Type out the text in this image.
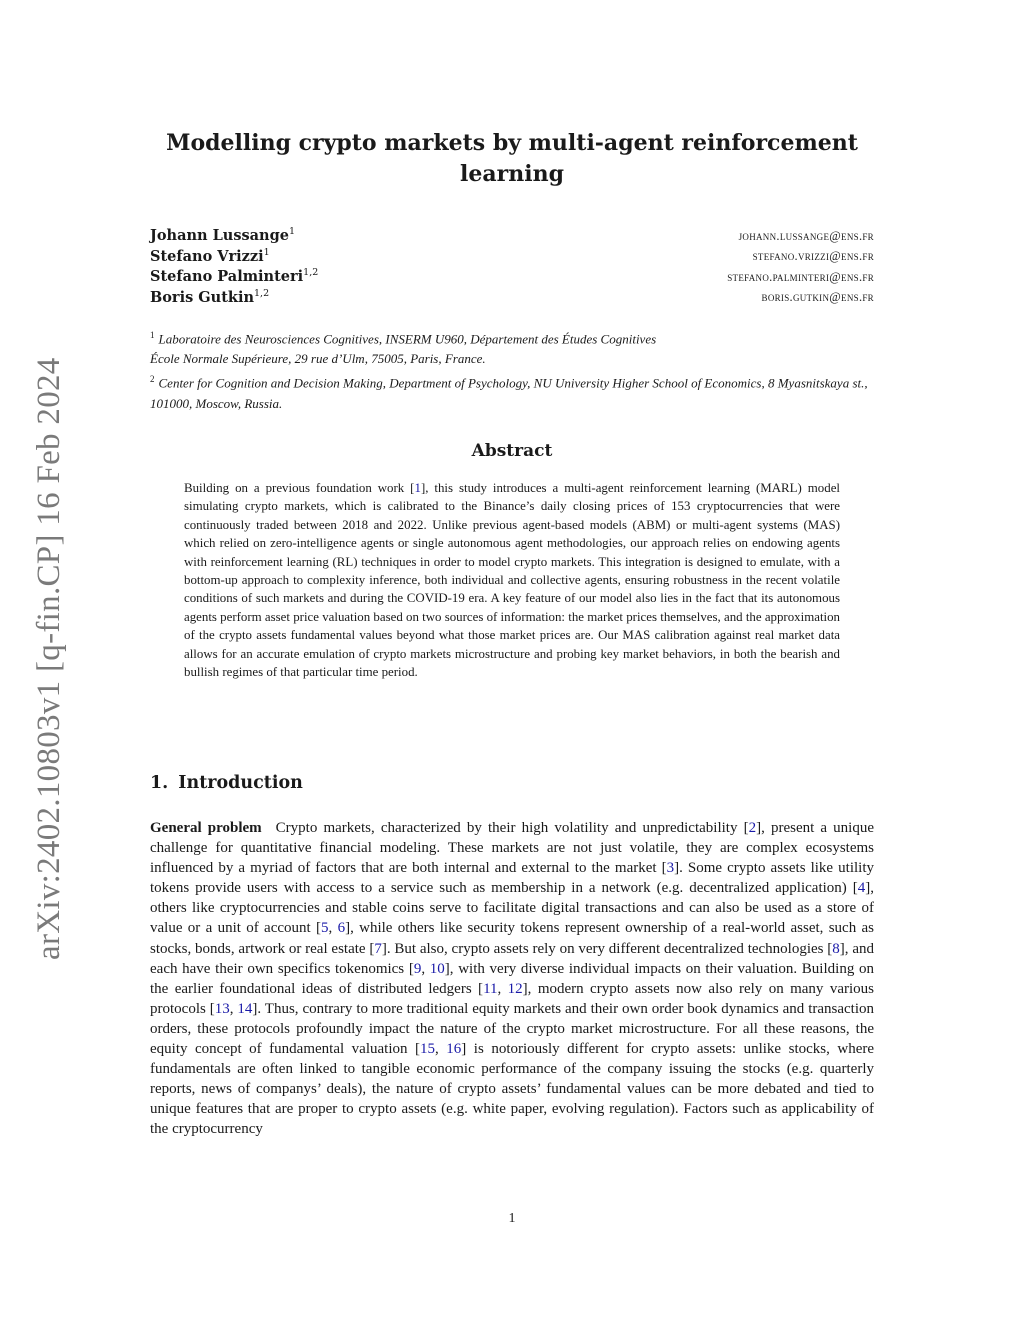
arXiv:2402.10803v1 [q-fin.CP] 16 Feb 2024
Modelling crypto markets by multi-agent reinforcement
learning
Johann Lussange$^1$	johann.lussange@ens.fr
Stefano Vrizzi$^1$	stefano.vrizzi@ens.fr
Stefano Palminteri$^{1,2}$	stefano.palminteri@ens.fr
Boris Gutkin$^{1,2}$	boris.gutkin@ens.fr
$^1$ Laboratoire des Neurosciences Cognitives, INSERM U960, Département des Études Cognitives
École Normale Supérieure, 29 rue d’Ulm, 75005, Paris, France.
$^2$ Center for Cognition and Decision Making, Department of Psychology, NU University Higher School of Economics, 8 Myasnitskaya st., 101000, Moscow, Russia.
Abstract
Building on a previous foundation work [1], this study introduces a multi-agent reinforcement learning (MARL) model simulating crypto markets, which is calibrated to the Binance’s daily closing prices of 153 cryptocurrencies that were continuously traded between 2018 and 2022. Unlike previous agent-based models (ABM) or multi-agent systems (MAS) which relied on zero-intelligence agents or single autonomous agent methodologies, our approach relies on endowing agents with reinforcement learning (RL) techniques in order to model crypto markets. This integration is designed to emulate, with a bottom-up approach to complexity inference, both individual and collective agents, ensuring robustness in the recent volatile conditions of such markets and during the COVID-19 era. A key feature of our model also lies in the fact that its autonomous agents perform asset price valuation based on two sources of information: the market prices themselves, and the approximation of the crypto assets fundamental values beyond what those market prices are. Our MAS calibration against real market data allows for an accurate emulation of crypto markets microstructure and probing key market behaviors, in both the bearish and bullish regimes of that particular time period.
1. Introduction
General problem Crypto markets, characterized by their high volatility and unpredictability [2], present a unique challenge for quantitative financial modeling. These markets are not just volatile, they are complex ecosystems influenced by a myriad of factors that are both internal and external to the market [3]. Some crypto assets like utility tokens provide users with access to a service such as membership in a network (e.g. decentralized application) [4], others like cryptocurrencies and stable coins serve to facilitate digital transactions and can also be used as a store of value or a unit of account [5, 6], while others like security tokens represent ownership of a real-world asset, such as stocks, bonds, artwork or real estate [7]. But also, crypto assets rely on very different decentralized technologies [8], and each have their own specifics tokenomics [9, 10], with very diverse individual impacts on their valuation. Building on the earlier foundational ideas of distributed ledgers [11, 12], modern crypto assets now also rely on many various protocols [13, 14]. Thus, contrary to more traditional equity markets and their own order book dynamics and transaction orders, these protocols profoundly impact the nature of the crypto market microstructure. For all these reasons, the equity concept of fundamental valuation [15, 16] is notoriously different for crypto assets: unlike stocks, where fundamentals are often linked to tangible economic performance of the company issuing the stocks (e.g. quarterly reports, news of companys’ deals), the nature of crypto assets’ fundamental values can be more debated and tied to unique features that are proper to crypto assets (e.g. white paper, evolving regulation). Factors such as applicability of the cryptocurrency
1
